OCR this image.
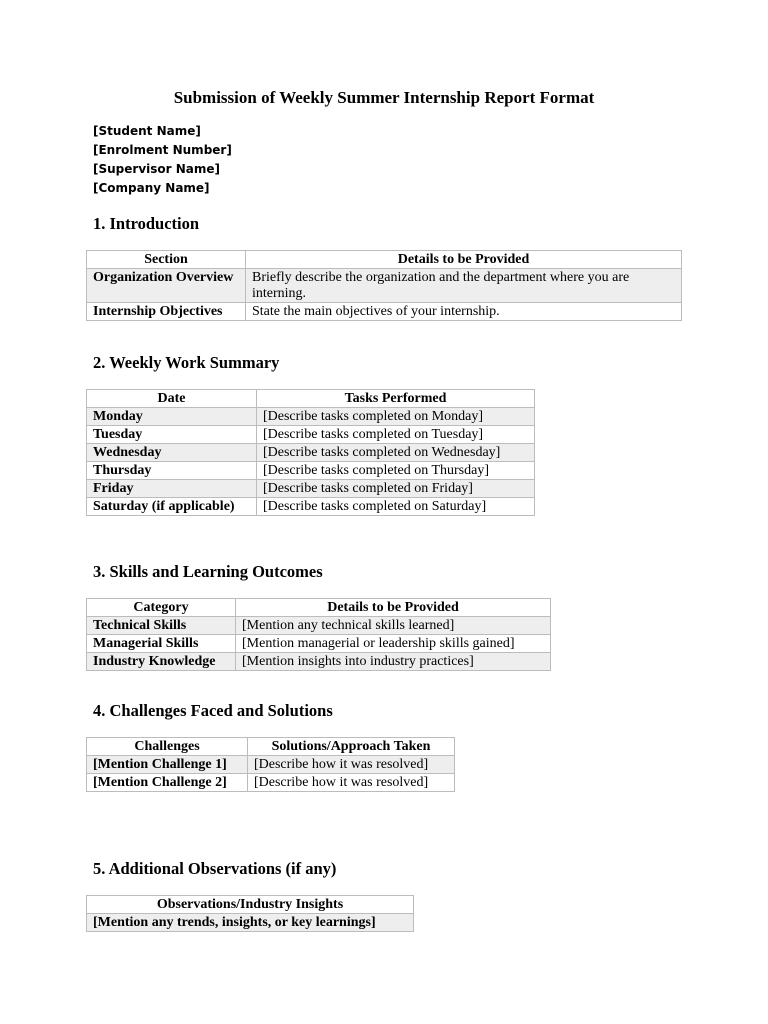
Submission of Weekly Summer Internship Report Format
[Student Name]
[Enrolment Number]
[Supervisor Name]
[Company Name]
1. Introduction
Section	Details to be Provided
Organization Overview	Briefly describe the organization and the department where you are interning.
Internship Objectives	State the main objectives of your internship.
2. Weekly Work Summary
Date	Tasks Performed
Monday	[Describe tasks completed on Monday]
Tuesday	[Describe tasks completed on Tuesday]
Wednesday	[Describe tasks completed on Wednesday]
Thursday	[Describe tasks completed on Thursday]
Friday	[Describe tasks completed on Friday]
Saturday (if applicable)	[Describe tasks completed on Saturday]
3. Skills and Learning Outcomes
Category	Details to be Provided
Technical Skills	[Mention any technical skills learned]
Managerial Skills	[Mention managerial or leadership skills gained]
Industry Knowledge	[Mention insights into industry practices]
4. Challenges Faced and Solutions
Challenges	Solutions/Approach Taken
[Mention Challenge 1]	[Describe how it was resolved]
[Mention Challenge 2]	[Describe how it was resolved]
5. Additional Observations (if any)
Observations/Industry Insights
[Mention any trends, insights, or key learnings]
